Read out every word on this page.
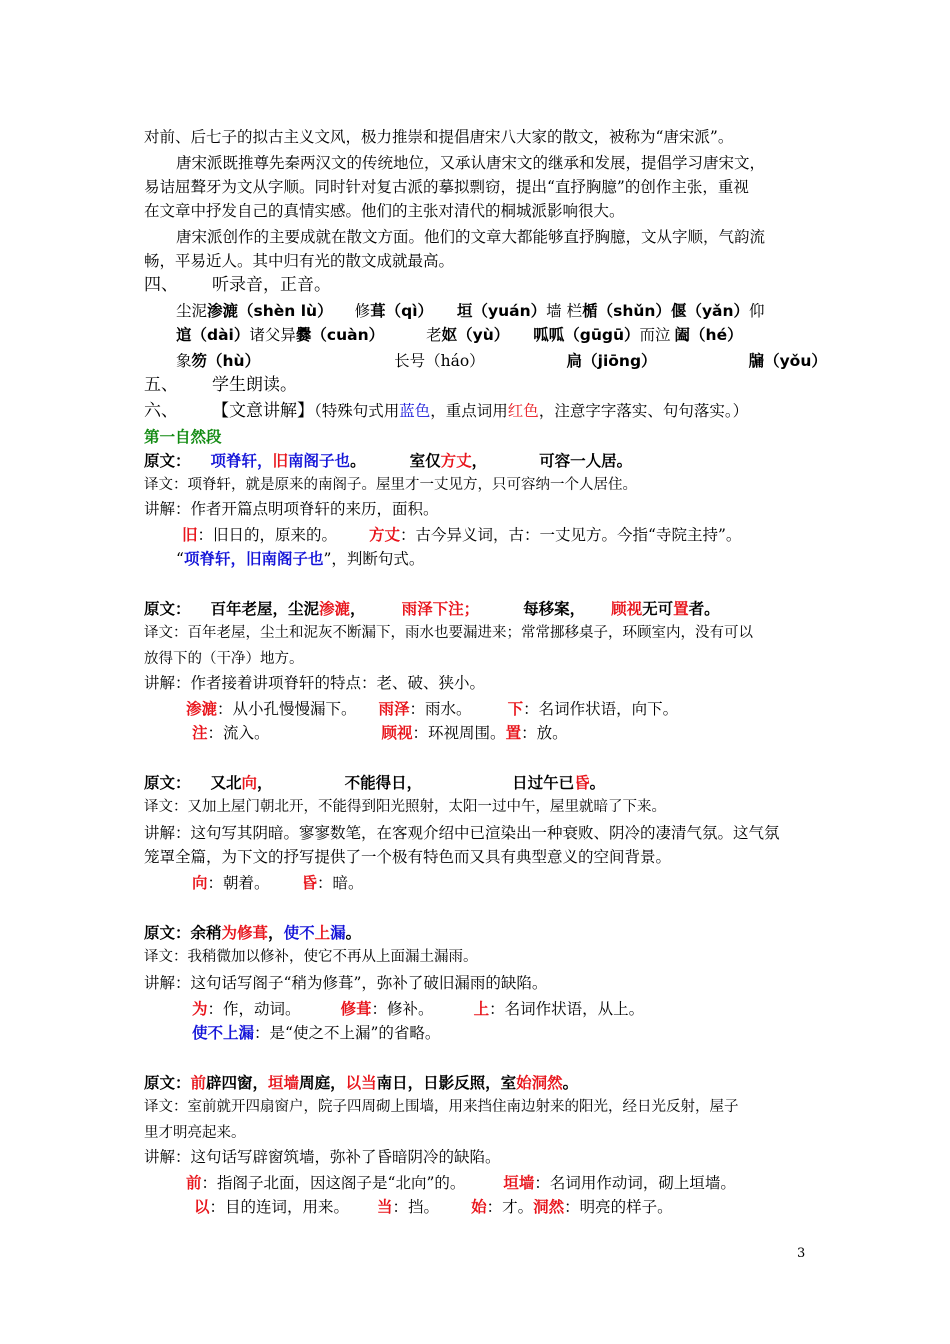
对前、后七子的拟古主义文风，极力推崇和提倡唐宋八大家的散文，被称为“唐宋派”。
唐宋派既推尊先秦两汉文的传统地位，又承认唐宋文的继承和发展，提倡学习唐宋文，
易诘屈聱牙为文从字顺。同时针对复古派的摹拟剽窃，提出“直抒胸臆”的创作主张，重视
在文章中抒发自己的真情实感。他们的主张对清代的桐城派影响很大。
唐宋派创作的主要成就在散文方面。他们的文章大都能够直抒胸臆，文从字顺，气韵流
畅，平易近人。其中归有光的散文成就最高。
四、 听录音，正音。
尘泥渗漉（shèn lù） 修葺（qì） 垣（yuán）墙 栏楯（shǔn）偃（yǎn）仰
逭（dài）诸父异爨（cuàn）	老妪（yù） 呱呱（gūgū）而泣 阖（hé）
象笏（hù）	长号（háo）	扃（jiōng）	牖（yǒu）
五、 学生朗读。
六、 【文意讲解】（特殊句式用蓝色，重点词用红色，注意字字落实、句句落实。）
第一自然段
原文： 项脊轩，旧南阁子也。	室仅方丈，	可容一人居。
译文：项脊轩，就是原来的南阁子。屋里才一丈见方，只可容纳一个人居住。
讲解：作者开篇点明项脊轩的来历，面积。
旧：旧日的，原来的。 方丈：古今异义词，古：一丈见方。今指“寺院主持”。
“项脊轩，旧南阁子也”，判断句式。
原文： 百年老屋，尘泥渗漉， 雨泽下注；	每移案， 顾视无可置者。
译文：百年老屋，尘土和泥灰不断漏下，雨水也要漏进来；常常挪移桌子，环顾室内，没有可以
放得下的（干净）地方。
讲解：作者接着讲项脊轩的特点：老、破、狭小。
渗漉：从小孔慢慢漏下。 雨泽：雨水。 下：名词作状语，向下。
注：流入。	顾视：环视周围。置：放。
原文： 又北向，	不能得日，	日过午已昏。
译文：又加上屋门朝北开，不能得到阳光照射，太阳一过中午，屋里就暗了下来。
讲解：这句写其阴暗。寥寥数笔，在客观介绍中已渲染出一种衰败、阴冷的凄清气氛。这气氛
笼罩全篇，为下文的抒写提供了一个极有特色而又具有典型意义的空间背景。
向：朝着。 昏：暗。
原文：余稍为修葺，使不上漏。
译文：我稍微加以修补，使它不再从上面漏土漏雨。
讲解：这句话写阁子“稍为修葺”，弥补了破旧漏雨的缺陷。
为：作，动词。	修葺：修补。	上：名词作状语，从上。
使不上漏：是“使之不上漏”的省略。
原文：前辟四窗，垣墙周庭，以当南日，日影反照，室始洞然。
译文：室前就开四扇窗户，院子四周砌上围墙，用来挡住南边射来的阳光，经日光反射，屋子
里才明亮起来。
讲解：这句话写辟窗筑墙，弥补了昏暗阴冷的缺陷。
前：指阁子北面，因这阁子是“北向”的。 垣墙：名词用作动词，砌上垣墙。
以：目的连词，用来。 当：挡。 始：才。洞然：明亮的样子。
3
